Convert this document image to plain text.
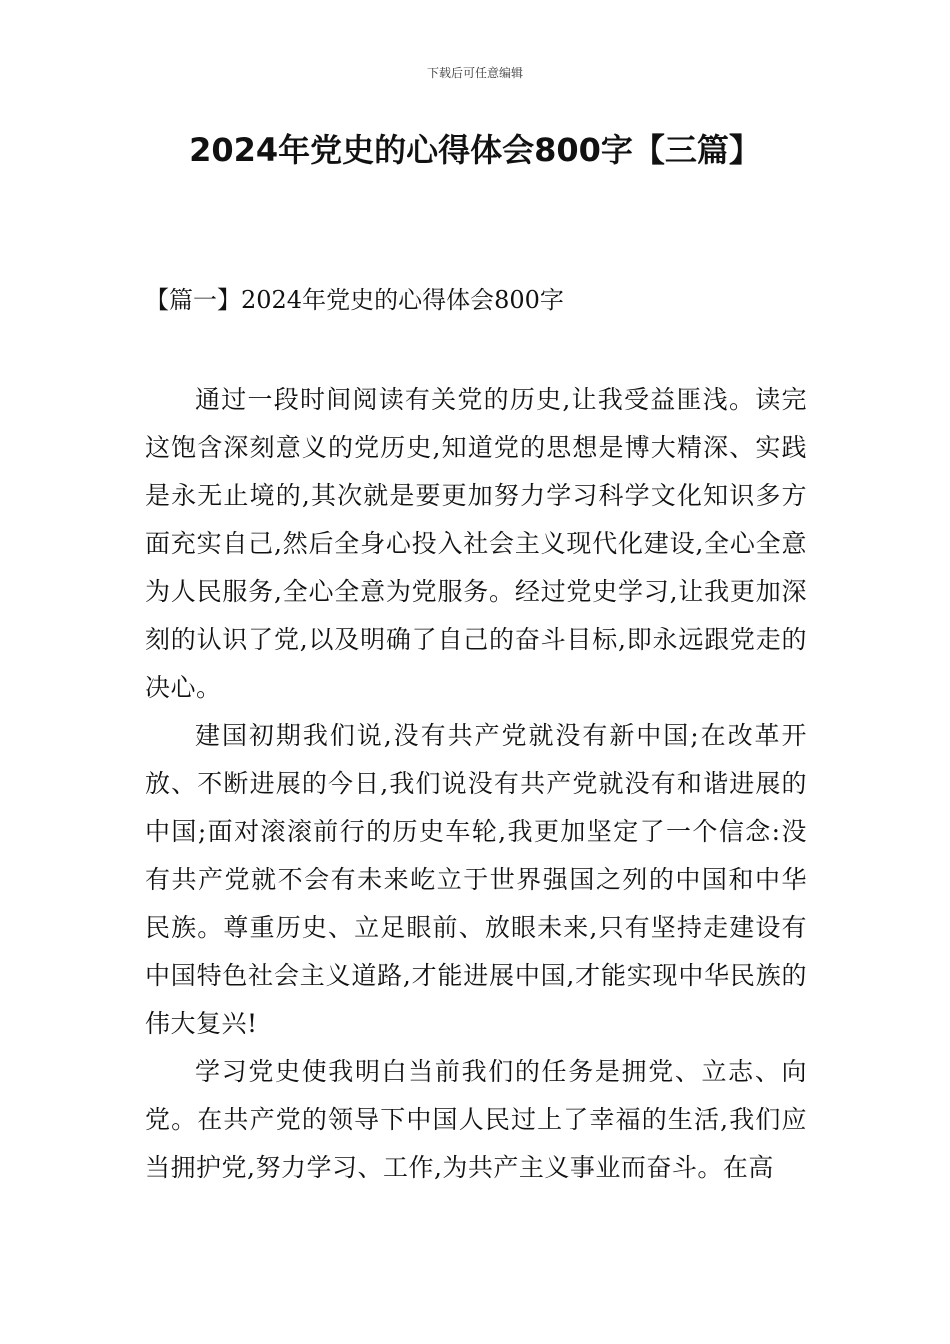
下载后可任意编辑
2024年党史的心得体会800字【三篇】
【篇一】2024年党史的心得体会800字

通过一段时间阅读有关党的历史,让我受益匪浅。读完这饱含深刻意义的党历史,知道党的思想是博大精深、实践是永无止境的,其次就是要更加努力学习科学文化知识多方面充实自己,然后全身心投入社会主义现代化建设,全心全意为人民服务,全心全意为党服务。经过党史学习,让我更加深刻的认识了党,以及明确了自己的奋斗目标,即永远跟党走的决心。

建国初期我们说,没有共产党就没有新中国;在改革开放、不断进展的今日,我们说没有共产党就没有和谐进展的中国;面对滚滚前行的历史车轮,我更加坚定了一个信念:没有共产党就不会有未来屹立于世界强国之列的中国和中华民族。尊重历史、立足眼前、放眼未来,只有坚持走建设有中国特色社会主义道路,才能进展中国,才能实现中华民族的伟大复兴!

学习党史使我明白当前我们的任务是拥党、立志、向党。在共产党的领导下中国人民过上了幸福的生活,我们应当拥护党,努力学习、工作,为共产主义事业而奋斗。在高
